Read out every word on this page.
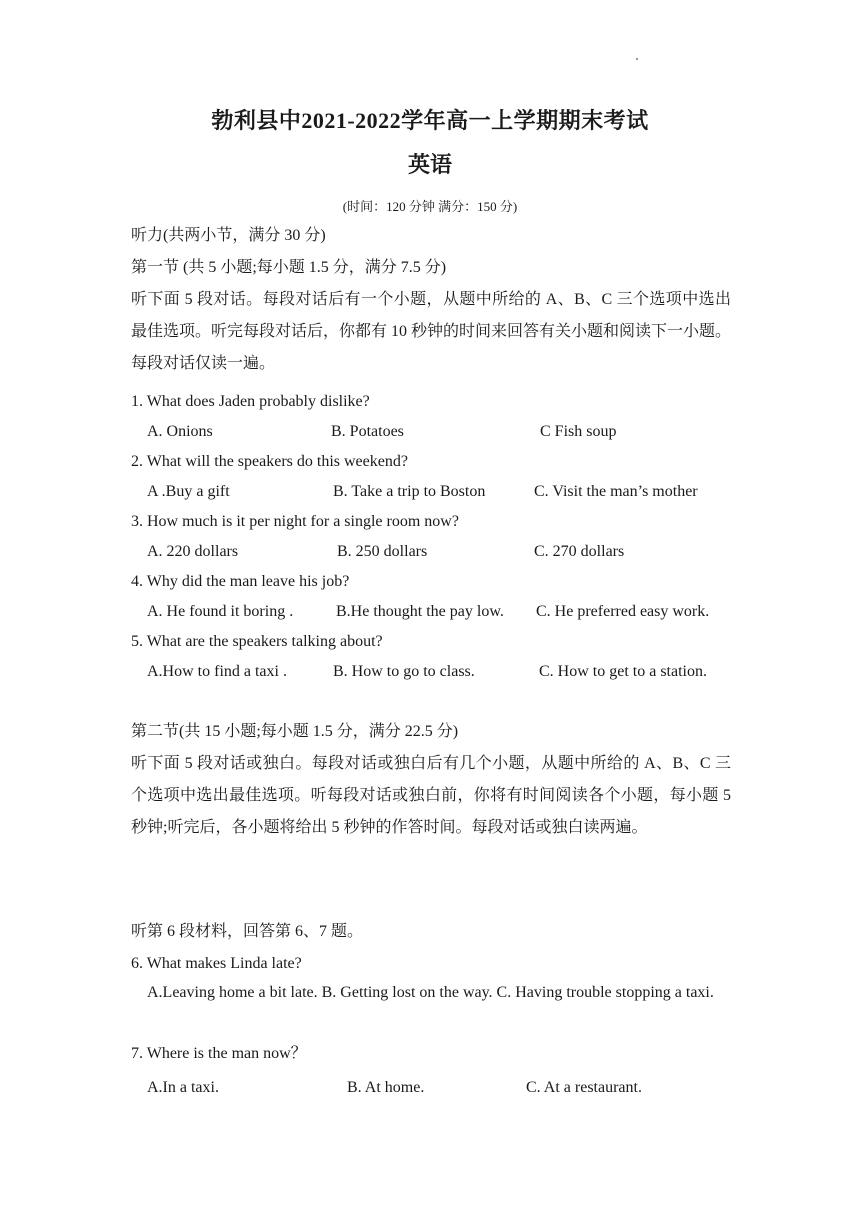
勃利县中2021-2022学年高一上学期期末考试
英语
(时间：120 分钟 满分：150 分)
听力(共两小节，满分 30 分)
第一节 (共 5 小题;每小题 1.5 分，满分 7.5 分)
听下面 5 段对话。每段对话后有一个小题，从题中所给的 A、B、C 三个选项中选出最佳选项。听完每段对话后，你都有 10 秒钟的时间来回答有关小题和阅读下一小题。每段对话仅读一遍。
1. What does Jaden probably dislike?
A. Onions	B. Potatoes	C Fish soup
2. What will the speakers do this weekend?
A .Buy a gift	B. Take a trip to Boston	C. Visit the man’s mother
3. How much is it per night for a single room now?
A. 220 dollars	B. 250 dollars	C. 270 dollars
4. Why did the man leave his job?
A. He found it boring .	B.He thought the pay low. C. He preferred easy work.
5. What are the speakers talking about?
A.How to find a taxi .	B. How to go to class.	C. How to get to a station.
第二节(共 15 小题;每小题 1.5 分，满分 22.5 分)
听下面 5 段对话或独白。每段对话或独白后有几个小题，从题中所给的 A、B、C 三个选项中选出最佳选项。听每段对话或独白前，你将有时间阅读各个小题，每小题 5 秒钟;听完后，各小题将给出 5 秒钟的作答时间。每段对话或独白读两遍。
听第 6 段材料，回答第 6、7 题。
6. What makes Linda late?
A.Leaving home a bit late. B. Getting lost on the way. C. Having trouble stopping a taxi.
7. Where is the man now？
A.In a taxi.	B. At home.	C. At a restaurant.
